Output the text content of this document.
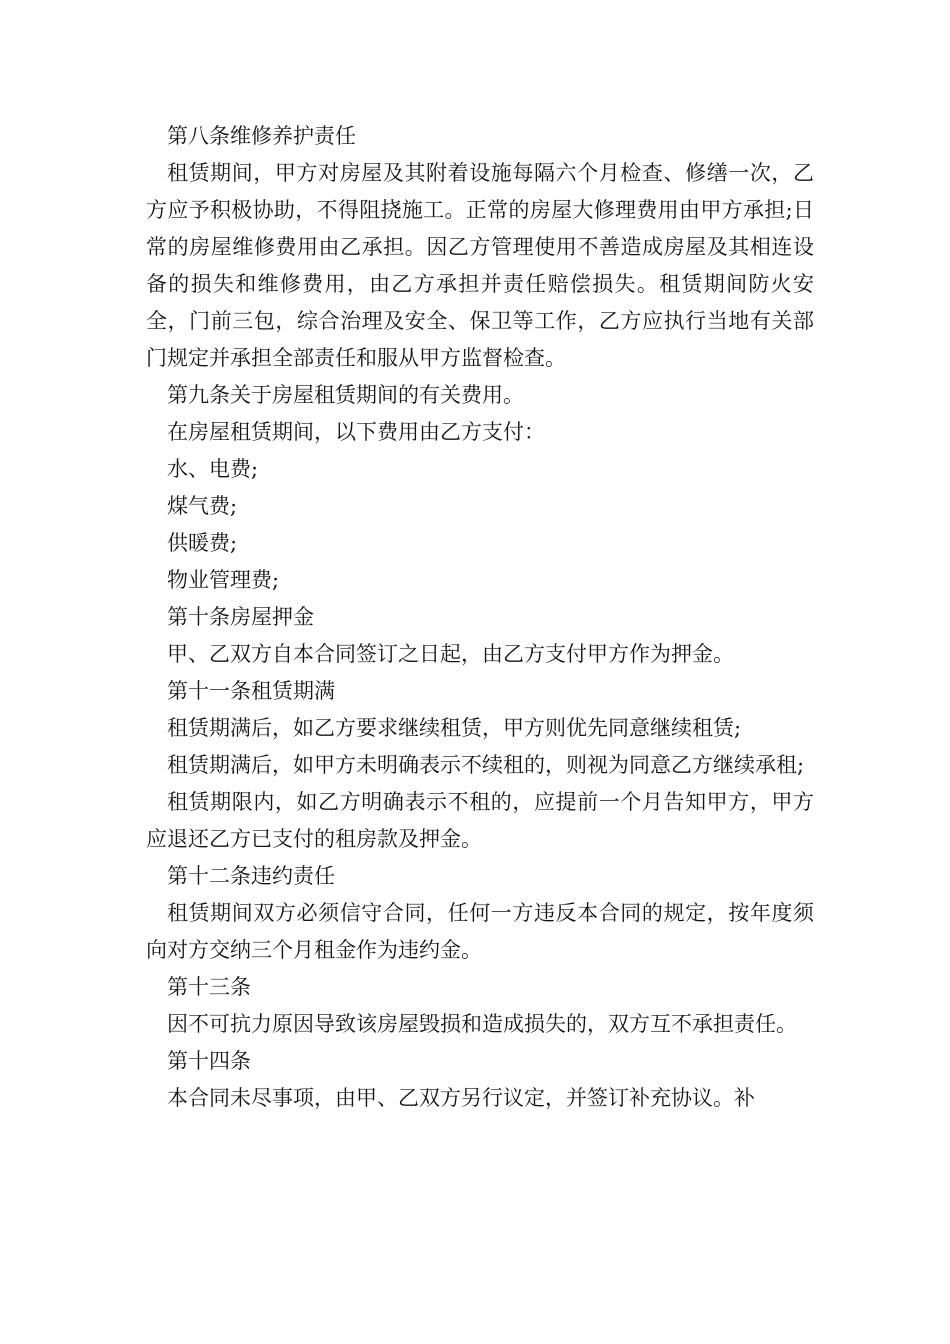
第八条维修养护责任

租赁期间，甲方对房屋及其附着设施每隔六个月检查、修缮一次，乙方应予积极协助，不得阻挠施工。正常的房屋大修理费用由甲方承担;日常的房屋维修费用由乙承担。因乙方管理使用不善造成房屋及其相连设备的损失和维修费用，由乙方承担并责任赔偿损失。租赁期间防火安全，门前三包，综合治理及安全、保卫等工作，乙方应执行当地有关部门规定并承担全部责任和服从甲方监督检查。

第九条关于房屋租赁期间的有关费用。

在房屋租赁期间，以下费用由乙方支付：

水、电费;

煤气费;

供暖费;

物业管理费;

第十条房屋押金

甲、乙双方自本合同签订之日起，由乙方支付甲方作为押金。

第十一条租赁期满

租赁期满后，如乙方要求继续租赁，甲方则优先同意继续租赁;

租赁期满后，如甲方未明确表示不续租的，则视为同意乙方继续承租;

租赁期限内，如乙方明确表示不租的，应提前一个月告知甲方，甲方应退还乙方已支付的租房款及押金。

第十二条违约责任

租赁期间双方必须信守合同，任何一方违反本合同的规定，按年度须向对方交纳三个月租金作为违约金。

第十三条

因不可抗力原因导致该房屋毁损和造成损失的，双方互不承担责任。

第十四条

本合同未尽事项，由甲、乙双方另行议定，并签订补充协议。补
